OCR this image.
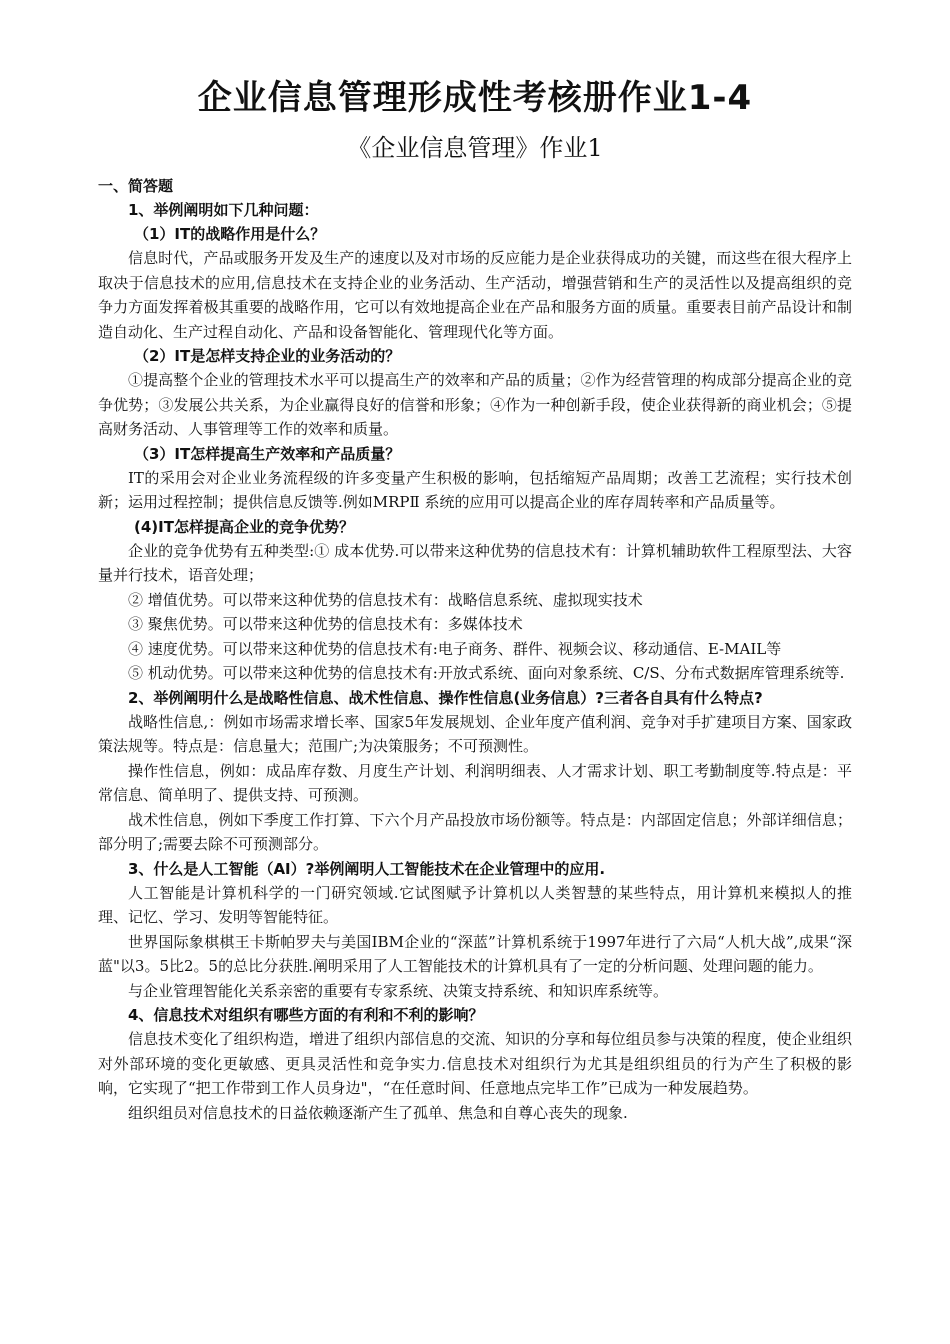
企业信息管理形成性考核册作业1-4
《企业信息管理》作业1
一、简答题
1、举例阐明如下几种问题：
（1）IT的战略作用是什么？

信息时代，产品或服务开发及生产的速度以及对市场的反应能力是企业获得成功的关键，而这些在很大程序上取决于信息技术的应用,信息技术在支持企业的业务活动、生产活动，增强营销和生产的灵活性以及提高组织的竞争力方面发挥着极其重要的战略作用，它可以有效地提高企业在产品和服务方面的质量。重要表目前产品设计和制造自动化、生产过程自动化、产品和设备智能化、管理现代化等方面。

（2）IT是怎样支持企业的业务活动的？

①提高整个企业的管理技术水平可以提高生产的效率和产品的质量；②作为经营管理的构成部分提高企业的竞争优势；③发展公共关系，为企业赢得良好的信誉和形象；④作为一种创新手段，使企业获得新的商业机会；⑤提高财务活动、人事管理等工作的效率和质量。

（3）IT怎样提高生产效率和产品质量？

IT的采用会对企业业务流程级的许多变量产生积极的影响，包括缩短产品周期；改善工艺流程；实行技术创新；运用过程控制；提供信息反馈等.例如MRPⅡ 系统的应用可以提高企业的库存周转率和产品质量等。

(4)IT怎样提高企业的竞争优势？

企业的竞争优势有五种类型:① 成本优势.可以带来这种优势的信息技术有：计算机辅助软件工程原型法、大容量并行技术，语音处理；

② 增值优势。可以带来这种优势的信息技术有：战略信息系统、虚拟现实技术

③ 聚焦优势。可以带来这种优势的信息技术有：多媒体技术

④ 速度优势。可以带来这种优势的信息技术有:电子商务、群件、视频会议、移动通信、E-MAIL等

⑤ 机动优势。可以带来这种优势的信息技术有:开放式系统、面向对象系统、C/S、分布式数据库管理系统等.

2、举例阐明什么是战略性信息、战术性信息、操作性信息(业务信息）?三者各自具有什么特点?

战略性信息,：例如市场需求增长率、国家5年发展规划、企业年度产值利润、竞争对手扩建项目方案、国家政策法规等。特点是：信息量大；范围广;为决策服务；不可预测性。

操作性信息，例如：成品库存数、月度生产计划、利润明细表、人才需求计划、职工考勤制度等.特点是：平常信息、简单明了、提供支持、可预测。

战术性信息，例如下季度工作打算、下六个月产品投放市场份额等。特点是：内部固定信息；外部详细信息；部分明了;需要去除不可预测部分。

3、什么是人工智能（AI）?举例阐明人工智能技术在企业管理中的应用.

人工智能是计算机科学的一门研究领域.它试图赋予计算机以人类智慧的某些特点，用计算机来模拟人的推理、记忆、学习、发明等智能特征。

世界国际象棋棋王卡斯帕罗夫与美国IBM企业的“深蓝”计算机系统于1997年进行了六局“人机大战”,成果“深蓝"以3。5比2。5的总比分获胜.阐明采用了人工智能技术的计算机具有了一定的分析问题、处理问题的能力。

与企业管理智能化关系亲密的重要有专家系统、决策支持系统、和知识库系统等。

4、信息技术对组织有哪些方面的有利和不利的影响？

信息技术变化了组织构造，增进了组织内部信息的交流、知识的分享和每位组员参与决策的程度，使企业组织对外部环境的变化更敏感、更具灵活性和竞争实力.信息技术对组织行为尤其是组织组员的行为产生了积极的影响，它实现了“把工作带到工作人员身边"，“在任意时间、任意地点完毕工作”已成为一种发展趋势。

组织组员对信息技术的日益依赖逐渐产生了孤单、焦急和自尊心丧失的现象.
